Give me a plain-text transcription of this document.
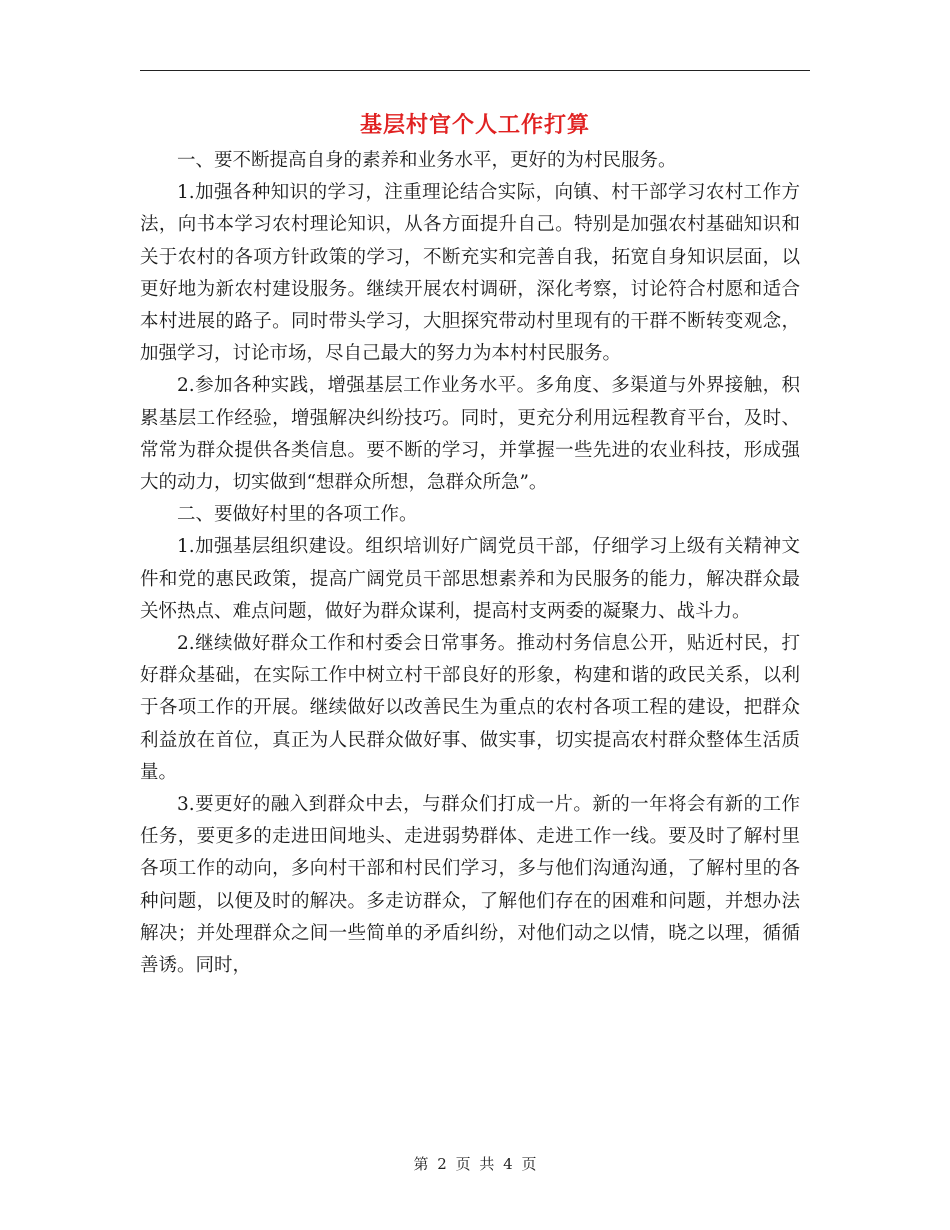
基层村官个人工作打算

一、要不断提高自身的素养和业务水平，更好的为村民服务。

1.加强各种知识的学习，注重理论结合实际，向镇、村干部学习农村工作方法，向书本学习农村理论知识，从各方面提升自己。特别是加强农村基础知识和关于农村的各项方针政策的学习，不断充实和完善自我，拓宽自身知识层面，以更好地为新农村建设服务。继续开展农村调研，深化考察，讨论符合村愿和适合本村进展的路子。同时带头学习，大胆探究带动村里现有的干群不断转变观念，加强学习，讨论市场，尽自己最大的努力为本村村民服务。

2.参加各种实践，增强基层工作业务水平。多角度、多渠道与外界接触，积累基层工作经验，增强解决纠纷技巧。同时，更充分利用远程教育平台，及时、常常为群众提供各类信息。要不断的学习，并掌握一些先进的农业科技，形成强大的动力，切实做到“想群众所想，急群众所急”。

二、要做好村里的各项工作。

1.加强基层组织建设。组织培训好广阔党员干部，仔细学习上级有关精神文件和党的惠民政策，提高广阔党员干部思想素养和为民服务的能力，解决群众最关怀热点、难点问题，做好为群众谋利，提高村支两委的凝聚力、战斗力。

2.继续做好群众工作和村委会日常事务。推动村务信息公开，贴近村民，打好群众基础，在实际工作中树立村干部良好的形象，构建和谐的政民关系，以利于各项工作的开展。继续做好以改善民生为重点的农村各项工程的建设，把群众利益放在首位，真正为人民群众做好事、做实事，切实提高农村群众整体生活质量。

3.要更好的融入到群众中去，与群众们打成一片。新的一年将会有新的工作任务，要更多的走进田间地头、走进弱势群体、走进工作一线。要及时了解村里各项工作的动向，多向村干部和村民们学习，多与他们沟通沟通，了解村里的各种问题，以便及时的解决。多走访群众，了解他们存在的困难和问题，并想办法解决；并处理群众之间一些简单的矛盾纠纷，对他们动之以情，晓之以理，循循善诱。同时，

第 2 页 共 4 页
